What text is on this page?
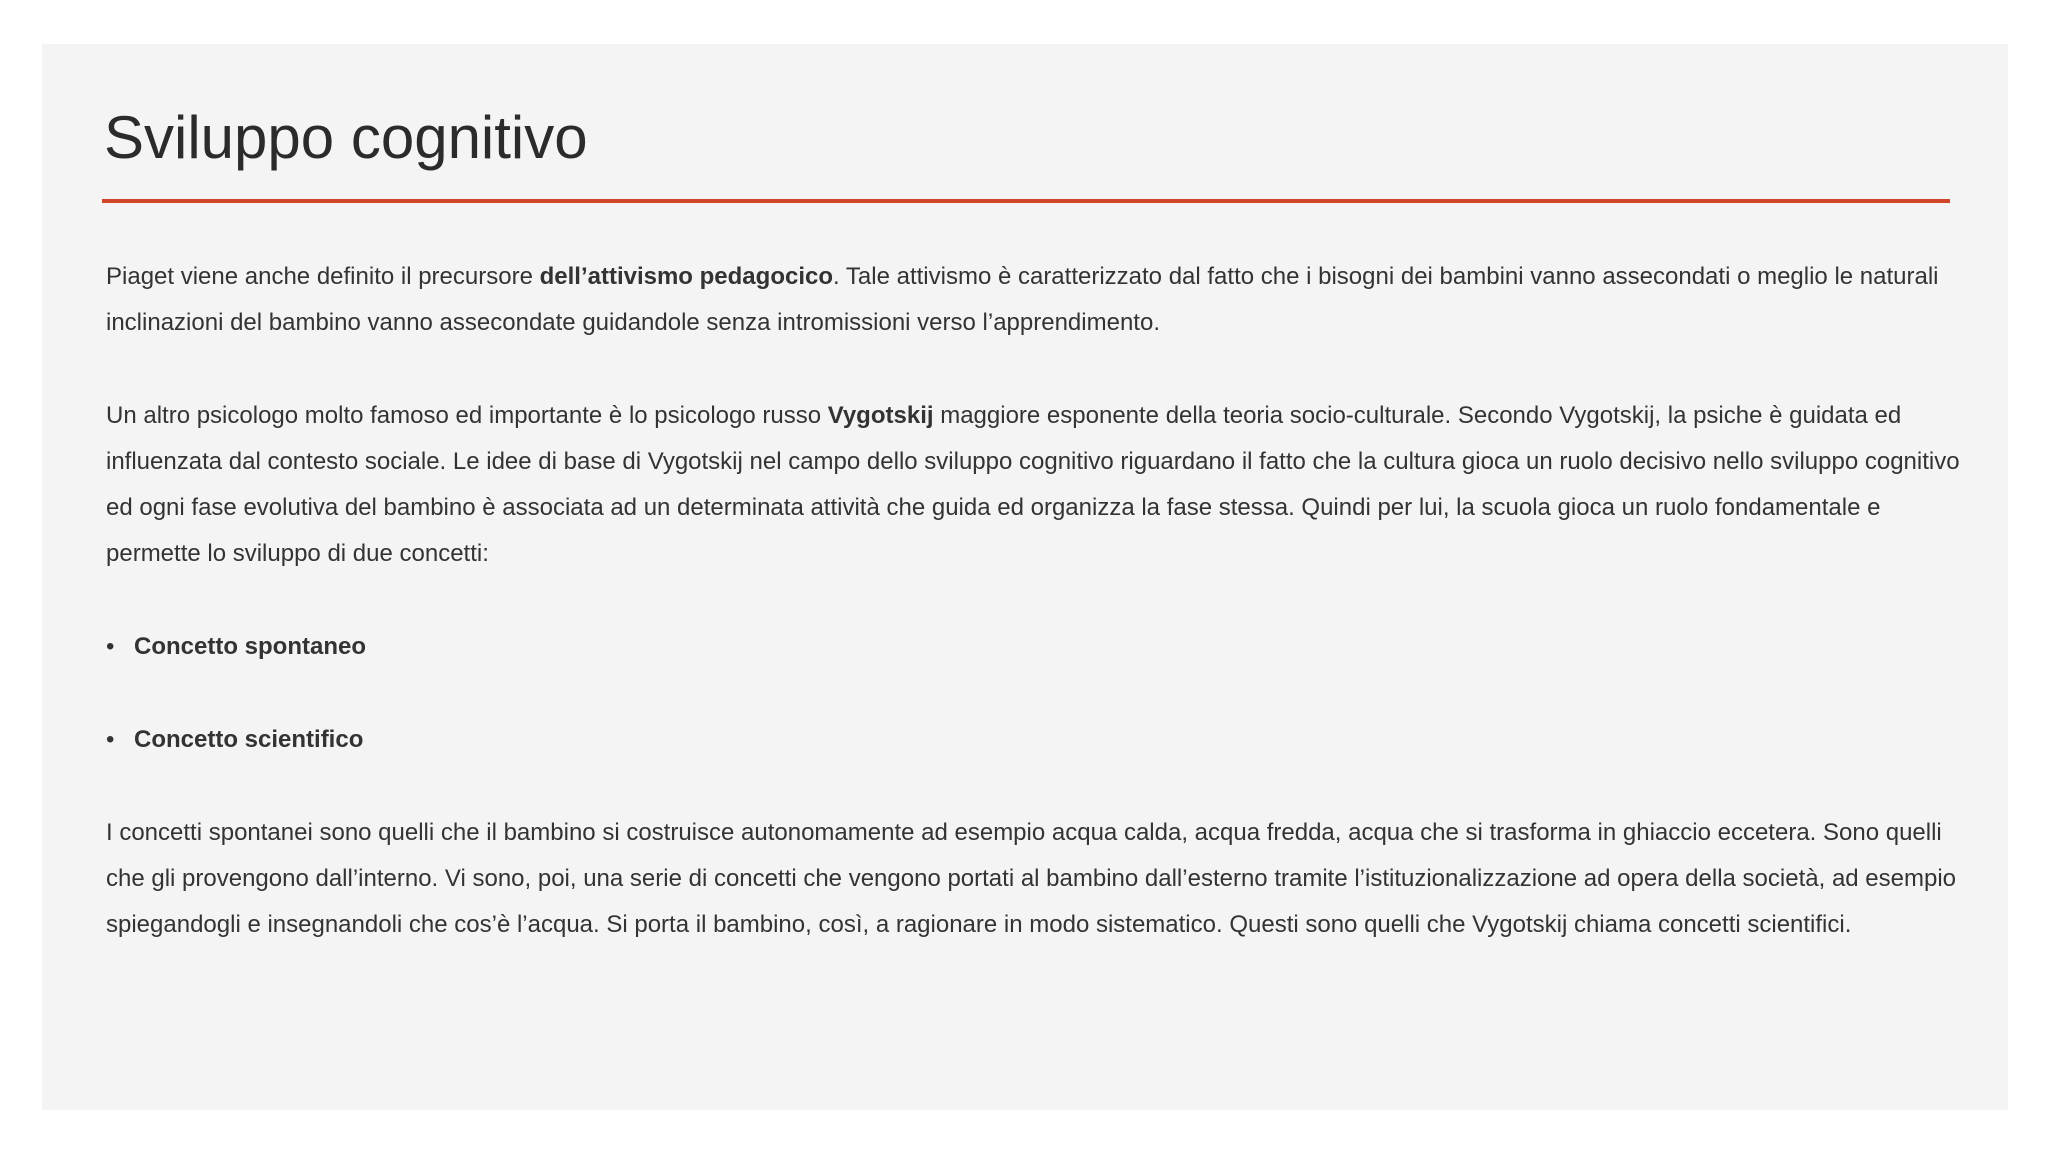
Sviluppo cognitivo

Piaget viene anche definito il precursore dell’attivismo pedagocico. Tale attivismo è caratterizzato dal fatto che i bisogni dei bambini vanno assecondati o meglio le naturali inclinazioni del bambino vanno assecondate guidandole senza intromissioni verso l’apprendimento.

Un altro psicologo molto famoso ed importante è lo psicologo russo Vygotskij maggiore esponente della teoria socio-culturale. Secondo Vygotskij, la psiche è guidata ed influenzata dal contesto sociale. Le idee di base di Vygotskij nel campo dello sviluppo cognitivo riguardano il fatto che la cultura gioca un ruolo decisivo nello sviluppo cognitivo ed ogni fase evolutiva del bambino è associata ad un determinata attività che guida ed organizza la fase stessa. Quindi per lui, la scuola gioca un ruolo fondamentale e permette lo sviluppo di due concetti:

• Concetto spontaneo
• Concetto scientifico

I concetti spontanei sono quelli che il bambino si costruisce autonomamente ad esempio acqua calda, acqua fredda, acqua che si trasforma in ghiaccio eccetera. Sono quelli che gli provengono dall’interno. Vi sono, poi, una serie di concetti che vengono portati al bambino dall’esterno tramite l’istituzionalizzazione ad opera della società, ad esempio spiegandogli e insegnandoli che cos’è l’acqua. Si porta il bambino, così, a ragionare in modo sistematico. Questi sono quelli che Vygotskij chiama concetti scientifici.
